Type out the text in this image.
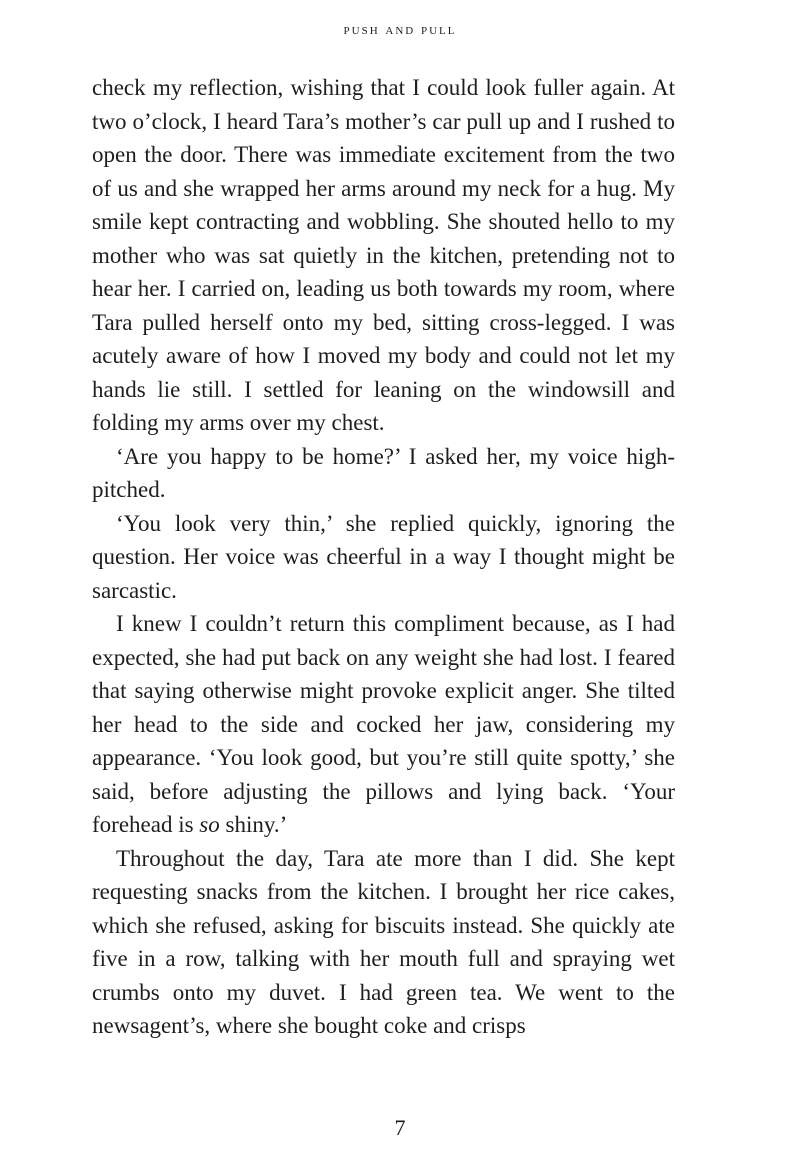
push and pull

check my reflection, wishing that I could look fuller again. At two o’clock, I heard Tara’s mother’s car pull up and I rushed to open the door. There was immediate excitement from the two of us and she wrapped her arms around my neck for a hug. My smile kept contracting and wobbling. She shouted hello to my mother who was sat quietly in the kitchen, pretending not to hear her. I carried on, leading us both towards my room, where Tara pulled herself onto my bed, sitting cross-legged. I was acutely aware of how I moved my body and could not let my hands lie still. I settled for leaning on the windowsill and folding my arms over my chest.

‘Are you happy to be home?’ I asked her, my voice high-pitched.

‘You look very thin,’ she replied quickly, ignoring the question. Her voice was cheerful in a way I thought might be sarcastic.

I knew I couldn’t return this compliment because, as I had expected, she had put back on any weight she had lost. I feared that saying otherwise might provoke explicit anger. She tilted her head to the side and cocked her jaw, considering my appearance. ‘You look good, but you’re still quite spotty,’ she said, before adjusting the pillows and lying back. ‘Your forehead is so shiny.’

Throughout the day, Tara ate more than I did. She kept requesting snacks from the kitchen. I brought her rice cakes, which she refused, asking for biscuits instead. She quickly ate five in a row, talking with her mouth full and spraying wet crumbs onto my duvet. I had green tea. We went to the newsagent’s, where she bought coke and crisps

7
